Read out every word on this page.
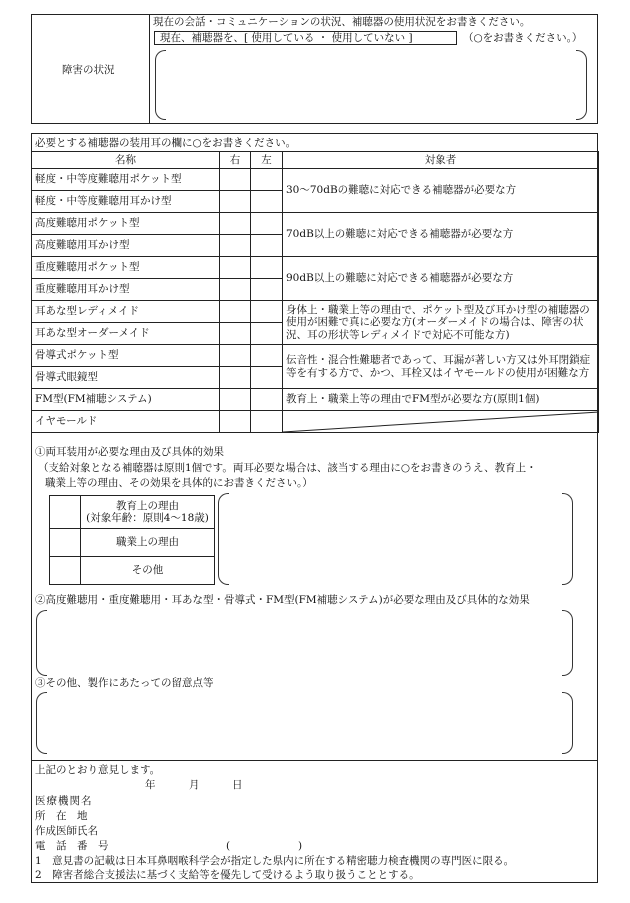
障害の状況
現在の会話・コミュニケーションの状況、補聴器の使用状況をお書きください。
現在、補聴器を、[ 使用している ・ 使用していない ]	（○をお書きください。）
必要とする補聴器の装用耳の欄に○をお書きください。
名称	右	左	対象者
軽度・中等度難聴用ポケット型			30～70dBの難聴に対応できる補聴器が必要な方
軽度・中等度難聴用耳かけ型			
高度難聴用ポケット型			70dB以上の難聴に対応できる補聴器が必要な方
高度難聴用耳かけ型			
重度難聴用ポケット型			90dB以上の難聴に対応できる補聴器が必要な方
重度難聴用耳かけ型			
耳あな型レディメイド			身体上・職業上等の理由で、ポケット型及び耳かけ型の補聴器の使用が困難で真に必要な方(オーダーメイドの場合は、障害の状況、耳の形状等レディメイドで対応不可能な方)
耳あな型オーダーメイド			
骨導式ポケット型			伝音性・混合性難聴者であって、耳漏が著しい方又は外耳閉鎖症等を有する方で、かつ、耳栓又はイヤモールドの使用が困難な方
骨導式眼鏡型			
FM型(FM補聴システム)			教育上・職業上等の理由でFM型が必要な方(原則1個)
イヤモールド			
①両耳装用が必要な理由及び具体的効果
（支給対象となる補聴器は原則1個です。両耳必要な場合は、該当する理由に○をお書きのうえ、教育上・
職業上等の理由、その効果を具体的にお書きください。）

	教育上の理由
(対象年齢：原則4～18歳)

	職業上の理由
	その他
②高度難聴用・重度難聴用・耳あな型・骨導式・FM型(FM補聴システム)が必要な理由及び具体的な効果
③その他、製作にあたっての留意点等
上記のとおり意見します。
年	月	日
医療機関名
所　在　地
作成医師氏名
電　話　番　号	(	)
1　意見書の記載は日本耳鼻咽喉科学会が指定した県内に所在する精密聴力検査機関の専門医に限る。
2　障害者総合支援法に基づく支給等を優先して受けるよう取り扱うこととする。
